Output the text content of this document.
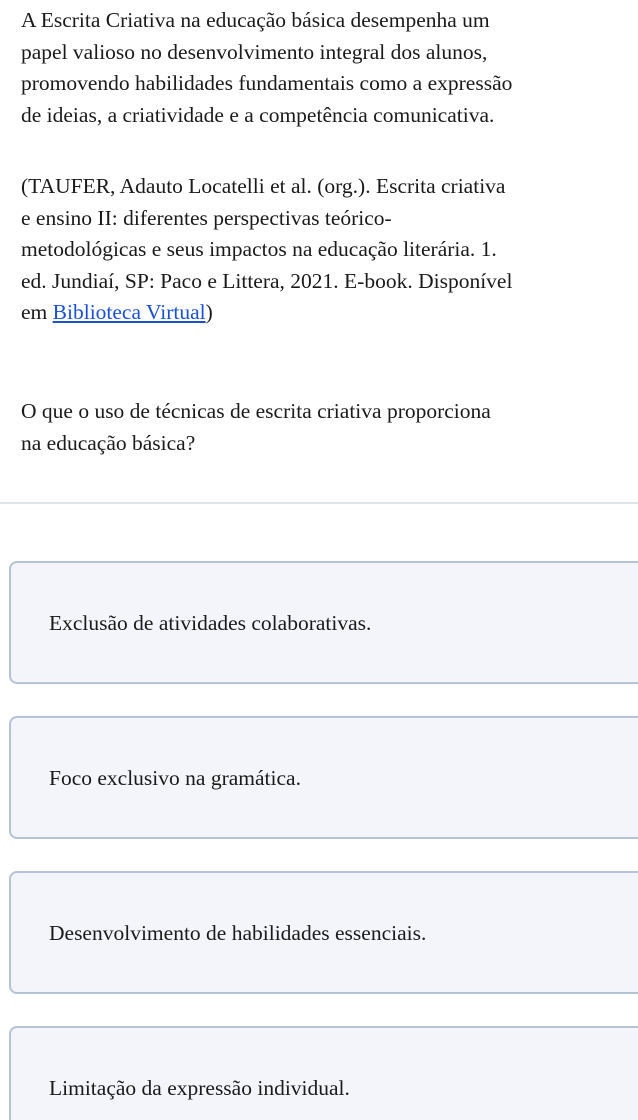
A Escrita Criativa na educação básica desempenha um
papel valioso no desenvolvimento integral dos alunos,
promovendo habilidades fundamentais como a expressão
de ideias, a criatividade e a competência comunicativa.

(TAUFER, Adauto Locatelli et al. (org.). Escrita criativa
e ensino II: diferentes perspectivas teórico-
metodológicas e seus impactos na educação literária. 1.
ed. Jundiaí, SP: Paco e Littera, 2021. E-book. Disponível
em Biblioteca Virtual)

O que o uso de técnicas de escrita criativa proporciona
na educação básica?

Exclusão de atividades colaborativas.
Foco exclusivo na gramática.
Desenvolvimento de habilidades essenciais.
Limitação da expressão individual.
